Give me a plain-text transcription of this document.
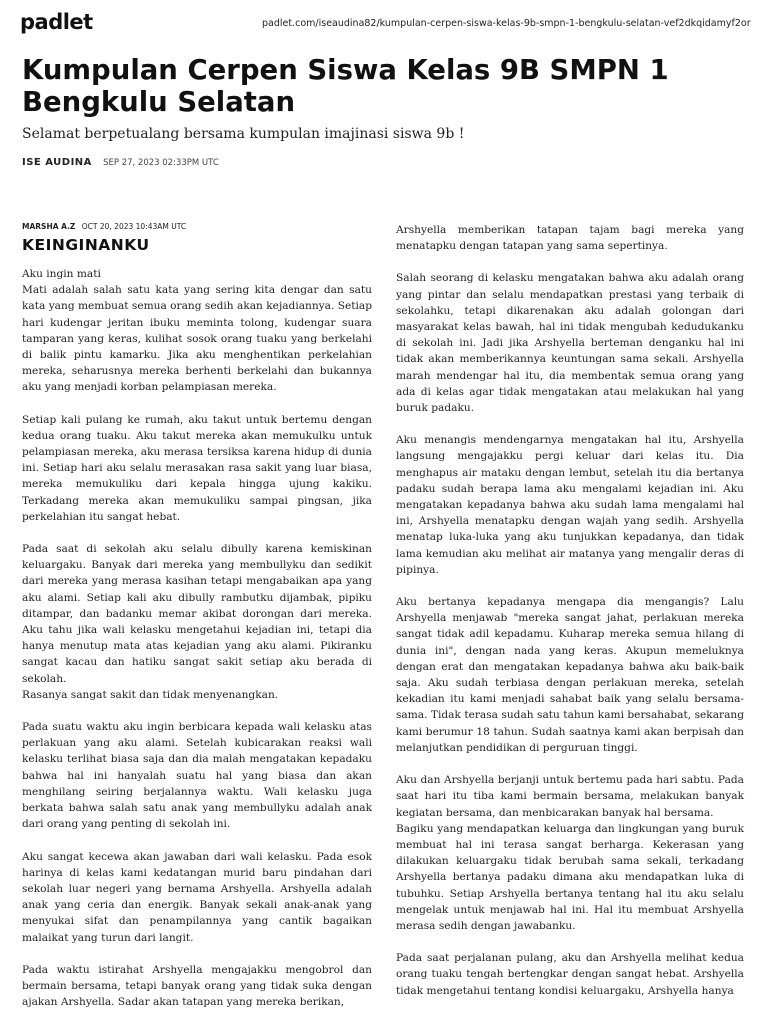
padlet	padlet.com/iseaudina82/kumpulan-cerpen-siswa-kelas-9b-smpn-1-bengkulu-selatan-vef2dkqidamyf2or
Kumpulan Cerpen Siswa Kelas 9B SMPN 1 Bengkulu Selatan

Selamat berpetualang bersama kumpulan imajinasi siswa 9b !

ISE AUDINA SEP 27, 2023 02:33PM UTC
MARSHA A.Z OCT 20, 2023 10:43AM UTC
KEINGINANKU

Aku ingin mati
Mati adalah salah satu kata yang sering kita dengar dan satu kata yang membuat semua orang sedih akan kejadiannya. Setiap hari kudengar jeritan ibuku meminta tolong, kudengar suara tamparan yang keras, kulihat sosok orang tuaku yang berkelahi di balik pintu kamarku. Jika aku menghentikan perkelahian mereka, seharusnya mereka berhenti berkelahi dan bukannya aku yang menjadi korban pelampiasan mereka.

Setiap kali pulang ke rumah, aku takut untuk bertemu dengan kedua orang tuaku. Aku takut mereka akan memukulku untuk pelampiasan mereka, aku merasa tersiksa karena hidup di dunia ini. Setiap hari aku selalu merasakan rasa sakit yang luar biasa, mereka memukuliku dari kepala hingga ujung kakiku. Terkadang mereka akan memukuliku sampai pingsan, jika perkelahian itu sangat hebat.

Pada saat di sekolah aku selalu dibully karena kemiskinan keluargaku. Banyak dari mereka yang membullyku dan sedikit dari mereka yang merasa kasihan tetapi mengabaikan apa yang aku alami. Setiap kali aku dibully rambutku dijambak, pipiku ditampar, dan badanku memar akibat dorongan dari mereka. Aku tahu jika wali kelasku mengetahui kejadian ini, tetapi dia hanya menutup mata atas kejadian yang aku alami. Pikiranku sangat kacau dan hatiku sangat sakit setiap aku berada di sekolah.
Rasanya sangat sakit dan tidak menyenangkan.

Pada suatu waktu aku ingin berbicara kepada wali kelasku atas perlakuan yang aku alami. Setelah kubicarakan reaksi wali kelasku terlihat biasa saja dan dia malah mengatakan kepadaku bahwa hal ini hanyalah suatu hal yang biasa dan akan menghilang seiring berjalannya waktu. Wali kelasku juga berkata bahwa salah satu anak yang membullyku adalah anak dari orang yang penting di sekolah ini.

Aku sangat kecewa akan jawaban dari wali kelasku. Pada esok harinya di kelas kami kedatangan murid baru pindahan dari sekolah luar negeri yang bernama Arshyella. Arshyella adalah anak yang ceria dan energik. Banyak sekali anak-anak yang menyukai sifat dan penampilannya yang cantik bagaikan malaikat yang turun dari langit.

Pada waktu istirahat Arshyella mengajakku mengobrol dan bermain bersama, tetapi banyak orang yang tidak suka dengan ajakan Arshyella. Sadar akan tatapan yang mereka berikan,

Arshyella memberikan tatapan tajam bagi mereka yang menatapku dengan tatapan yang sama sepertinya.

Salah seorang di kelasku mengatakan bahwa aku adalah orang yang pintar dan selalu mendapatkan prestasi yang terbaik di sekolahku, tetapi dikarenakan aku adalah golongan dari masyarakat kelas bawah, hal ini tidak mengubah kedudukanku di sekolah ini. Jadi jika Arshyella berteman denganku hal ini tidak akan memberikannya keuntungan sama sekali. Arshyella marah mendengar hal itu, dia membentak semua orang yang ada di kelas agar tidak mengatakan atau melakukan hal yang buruk padaku.

Aku menangis mendengarnya mengatakan hal itu, Arshyella langsung mengajakku pergi keluar dari kelas itu. Dia menghapus air mataku dengan lembut, setelah itu dia bertanya padaku sudah berapa lama aku mengalami kejadian ini. Aku mengatakan kepadanya bahwa aku sudah lama mengalami hal ini, Arshyella menatapku dengan wajah yang sedih. Arshyella menatap luka-luka yang aku tunjukkan kepadanya, dan tidak lama kemudian aku melihat air matanya yang mengalir deras di pipinya.

Aku bertanya kepadanya mengapa dia mengangis? Lalu Arshyella menjawab "mereka sangat jahat, perlakuan mereka sangat tidak adil kepadamu. Kuharap mereka semua hilang di dunia ini", dengan nada yang keras. Akupun memeluknya dengan erat dan mengatakan kepadanya bahwa aku baik-baik saja. Aku sudah terbiasa dengan perlakuan mereka, setelah kekadian itu kami menjadi sahabat baik yang selalu bersama-sama. Tidak terasa sudah satu tahun kami bersahabat, sekarang kami berumur 18 tahun. Sudah saatnya kami akan berpisah dan melanjutkan pendidikan di perguruan tinggi.

Aku dan Arshyella berjanji untuk bertemu pada hari sabtu. Pada saat hari itu tiba kami bermain bersama, melakukan banyak kegiatan bersama, dan menbicarakan banyak hal bersama.
Bagiku yang mendapatkan keluarga dan lingkungan yang buruk membuat hal ini terasa sangat berharga. Kekerasan yang dilakukan keluargaku tidak berubah sama sekali, terkadang Arshyella bertanya padaku dimana aku mendapatkan luka di tubuhku. Setiap Arshyella bertanya tentang hal itu aku selalu mengelak untuk menjawab hal ini. Hal itu membuat Arshyella merasa sedih dengan jawabanku.

Pada saat perjalanan pulang, aku dan Arshyella melihat kedua orang tuaku tengah bertengkar dengan sangat hebat. Arshyella tidak mengetahui tentang kondisi keluargaku, Arshyella hanya
